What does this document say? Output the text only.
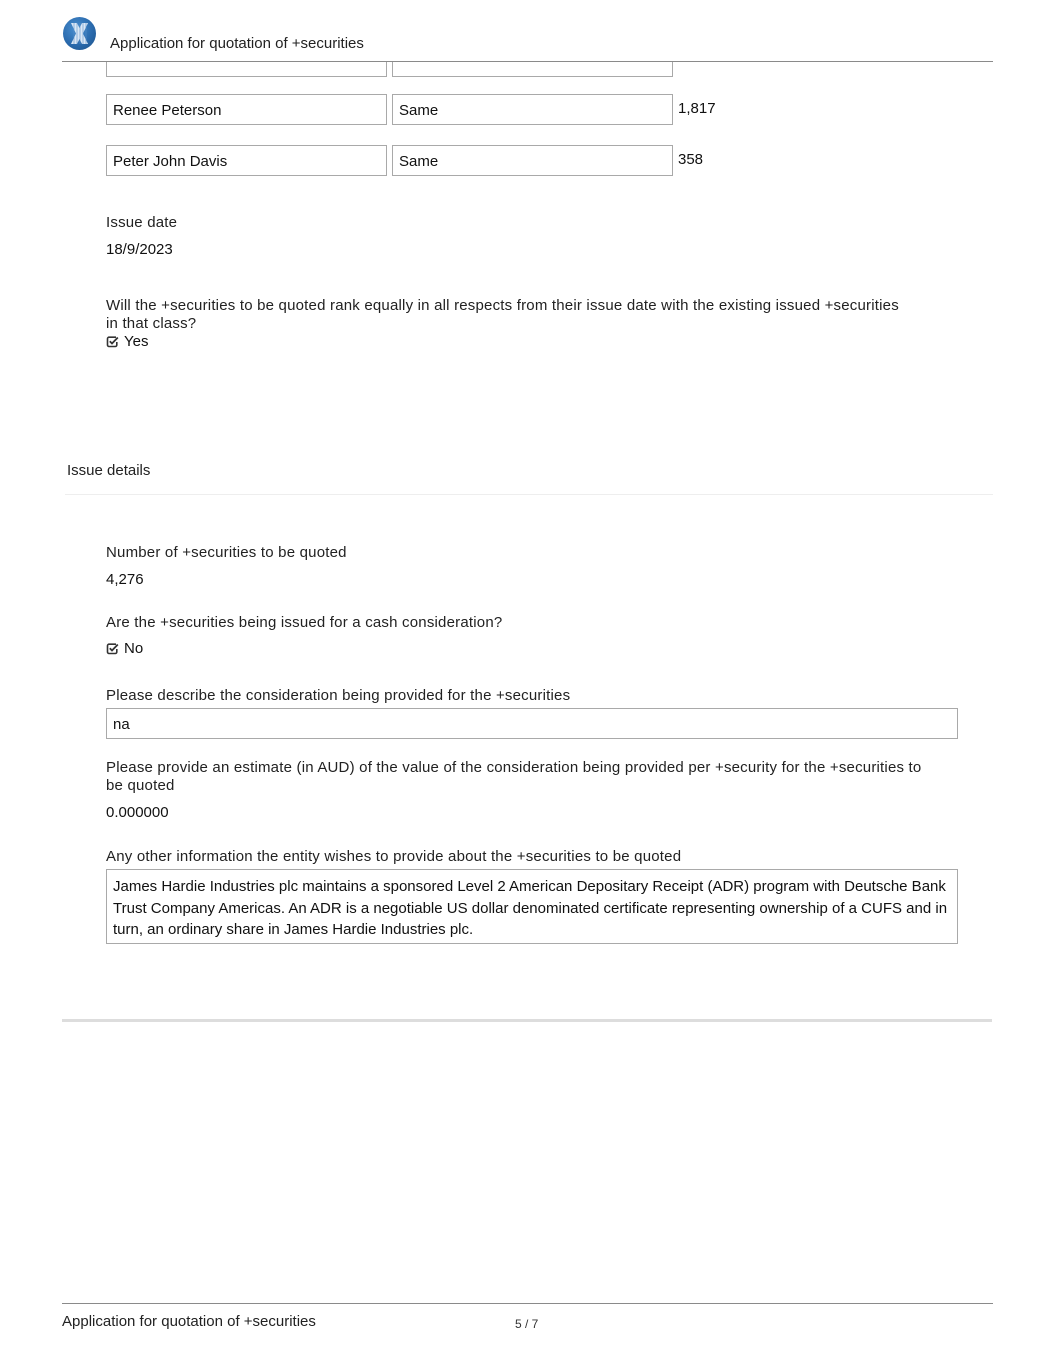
Application for quotation of +securities
Renee Peterson	Same	1,817
Peter John Davis	Same	358
Issue date
18/9/2023
Will the +securities to be quoted rank equally in all respects from their issue date with the existing issued +securities in that class?
Yes
Issue details
Number of +securities to be quoted
4,276
Are the +securities being issued for a cash consideration?
No
Please describe the consideration being provided for the +securities
na
Please provide an estimate (in AUD) of the value of the consideration being provided per +security for the +securities to be quoted
0.000000
Any other information the entity wishes to provide about the +securities to be quoted
James Hardie Industries plc maintains a sponsored Level 2 American Depositary Receipt (ADR) program with Deutsche Bank Trust Company Americas. An ADR is a negotiable US dollar denominated certificate representing ownership of a CUFS and in turn, an ordinary share in James Hardie Industries plc.
Application for quotation of +securities	5 / 7
